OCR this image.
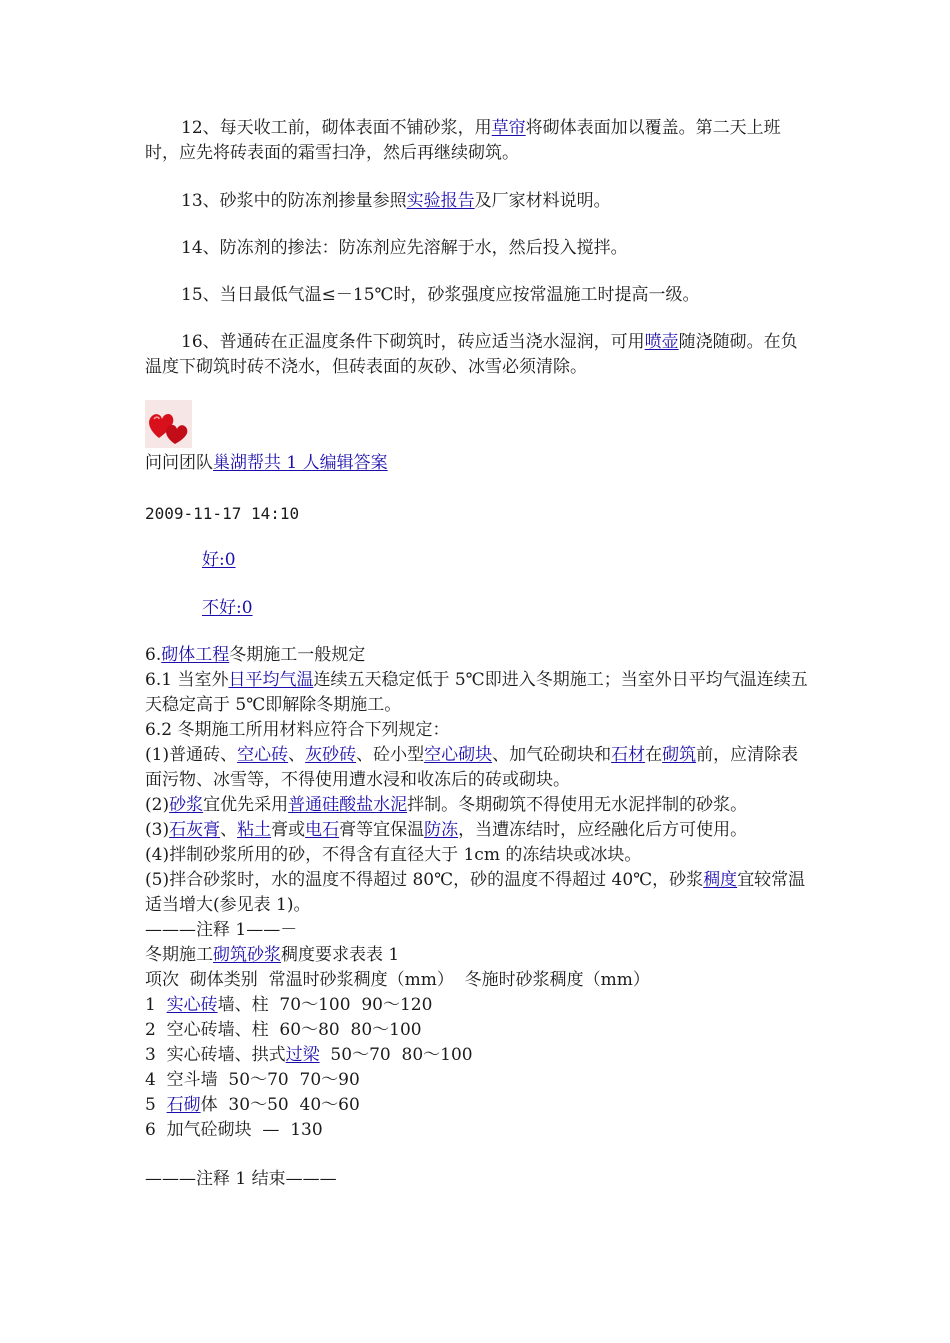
12、每天收工前，砌体表面不铺砂浆，用草帘将砌体表面加以覆盖。第二天上班时，应先将砖表面的霜雪扫净，然后再继续砌筑。

13、砂浆中的防冻剂掺量参照实验报告及厂家材料说明。

14、防冻剂的掺法：防冻剂应先溶解于水，然后投入搅拌。

15、当日最低气温≤－15℃时，砂浆强度应按常温施工时提高一级。

16、普通砖在正温度条件下砌筑时，砖应适当浇水湿润，可用喷壶随浇随砌。在负温度下砌筑时砖不浇水，但砖表面的灰砂、冰雪必须清除。

问问团队巢湖帮共 1 人编辑答案

2009-11-17 14:10

好:0

不好:0

6.砌体工程冬期施工一般规定

6.1 当室外日平均气温连续五天稳定低于 5℃即进入冬期施工；当室外日平均气温连续五天稳定高于 5℃即解除冬期施工。

6.2 冬期施工所用材料应符合下列规定：

(1)普通砖、空心砖、灰砂砖、砼小型空心砌块、加气砼砌块和石材在砌筑前，应清除表面污物、冰雪等，不得使用遭水浸和收冻后的砖或砌块。

(2)砂浆宜优先采用普通硅酸盐水泥拌制。冬期砌筑不得使用无水泥拌制的砂浆。

(3)石灰膏、粘土膏或电石膏等宜保温防冻，当遭冻结时，应经融化后方可使用。

(4)拌制砂浆所用的砂，不得含有直径大于 1cm 的冻结块或冰块。

(5)拌合砂浆时，水的温度不得超过 80℃，砂的温度不得超过 40℃，砂浆稠度宜较常温适当增大(参见表 1)。

———注释 1——－

冬期施工砌筑砂浆稠度要求表表 1

项次  砌体类别  常温时砂浆稠度（mm）  冬施时砂浆稠度（mm）

1  实心砖墙、柱  70～100  90～120

2  空心砖墙、柱  60～80  80～100

3  实心砖墙、拱式过梁  50～70  80～100

4  空斗墙  50～70  70～90

5  石砌体  30～50  40～60

6  加气砼砌块  —  130

———注释 1 结束———
